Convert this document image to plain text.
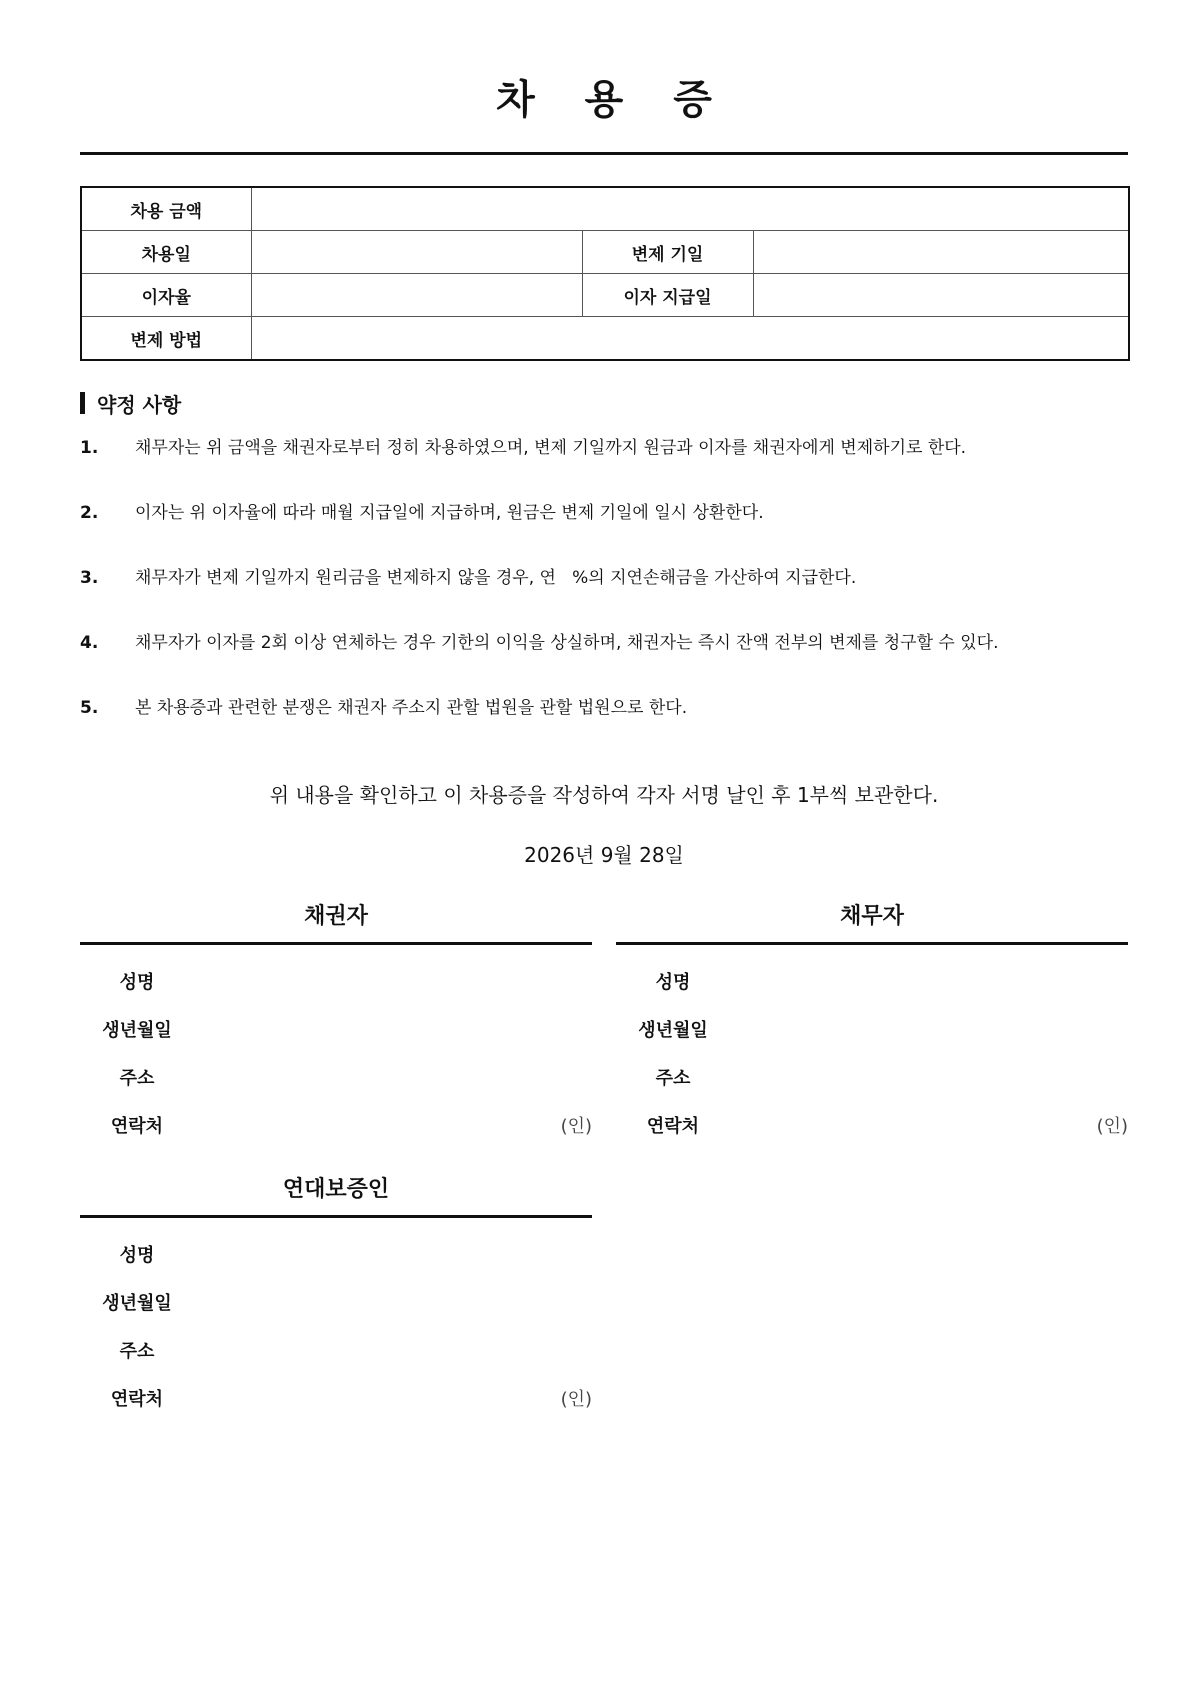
차 용 증
차용 금액			
차용일		변제 기일	
이자율		이자 지급일	
변제 방법			
약정 사항
1.	채무자는 위 금액을 채권자로부터 정히 차용하였으며, 변제 기일까지 원금과 이자를 채권자에게 변제하기로 한다.
2.	이자는 위 이자율에 따라 매월 지급일에 지급하며, 원금은 변제 기일에 일시 상환한다.
3.	채무자가 변제 기일까지 원리금을 변제하지 않을 경우, 연   %의 지연손해금을 가산하여 지급한다.
4.	채무자가 이자를 2회 이상 연체하는 경우 기한의 이익을 상실하며, 채권자는 즉시 잔액 전부의 변제를 청구할 수 있다.
5.	본 차용증과 관련한 분쟁은 채권자 주소지 관할 법원을 관할 법원으로 한다.
위 내용을 확인하고 이 차용증을 작성하여 각자 서명 날인 후 1부씩 보관한다.
2026년 9월 28일
채권자
성명
생년월일
주소
연락처	(인)
채무자
성명
생년월일
주소
연락처	(인)
연대보증인
성명
생년월일
주소
연락처	(인)
